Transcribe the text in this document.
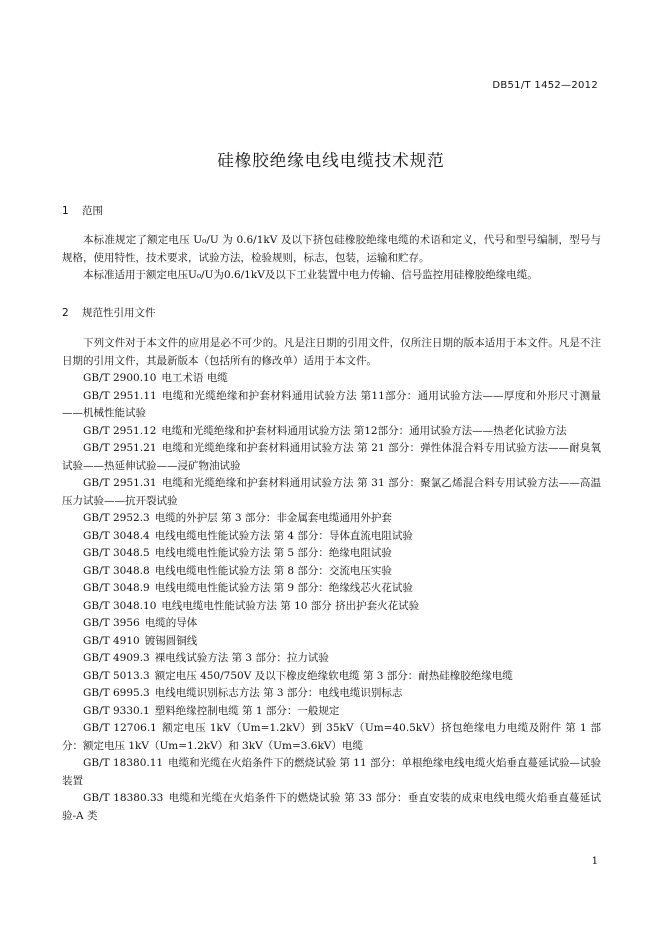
DB51/T 1452—2012
硅橡胶绝缘电线电缆技术规范
1 范围

本标准规定了额定电压 U₀/U 为 0.6/1kV 及以下挤包硅橡胶绝缘电缆的术语和定义，代号和型号编制，型号与规格，使用特性，技术要求，试验方法，检验规则，标志，包装，运输和贮存。

本标准适用于额定电压U₀/U为0.6/1kV及以下工业装置中电力传输、信号监控用硅橡胶绝缘电缆。

2 规范性引用文件

下列文件对于本文件的应用是必不可少的。凡是注日期的引用文件，仅所注日期的版本适用于本文件。凡是不注日期的引用文件，其最新版本（包括所有的修改单）适用于本文件。

GB/T 2900.10 电工术语 电缆

GB/T 2951.11 电缆和光缆绝缘和护套材料通用试验方法 第11部分：通用试验方法——厚度和外形尺寸测量——机械性能试验

GB/T 2951.12 电缆和光缆绝缘和护套材料通用试验方法 第12部分：通用试验方法——热老化试验方法

GB/T 2951.21 电缆和光缆绝缘和护套材料通用试验方法 第 21 部分：弹性体混合料专用试验方法——耐臭氧试验——热延伸试验——浸矿物油试验

GB/T 2951.31 电缆和光缆绝缘和护套材料通用试验方法 第 31 部分：聚氯乙烯混合料专用试验方法——高温压力试验——抗开裂试验

GB/T 2952.3 电缆的外护层 第 3 部分：非金属套电缆通用外护套

GB/T 3048.4 电线电缆电性能试验方法 第 4 部分：导体直流电阻试验

GB/T 3048.5 电线电缆电性能试验方法 第 5 部分：绝缘电阻试验

GB/T 3048.8 电线电缆电性能试验方法 第 8 部分：交流电压实验

GB/T 3048.9 电线电缆电性能试验方法 第 9 部分：绝缘线芯火花试验

GB/T 3048.10 电线电缆电性能试验方法 第 10 部分 挤出护套火花试验

GB/T 3956 电缆的导体

GB/T 4910 镀锡圆铜线

GB/T 4909.3 裸电线试验方法 第 3 部分：拉力试验

GB/T 5013.3 额定电压 450/750V 及以下橡皮绝缘软电缆 第 3 部分：耐热硅橡胶绝缘电缆

GB/T 6995.3 电线电缆识别标志方法 第 3 部分：电线电缆识别标志

GB/T 9330.1 塑料绝缘控制电缆 第 1 部分：一般规定

GB/T 12706.1 额定电压 1kV（Um=1.2kV）到 35kV（Um=40.5kV）挤包绝缘电力电缆及附件 第 1 部分：额定电压 1kV（Um=1.2kV）和 3kV（Um=3.6kV）电缆

GB/T 18380.11 电缆和光缆在火焰条件下的燃烧试验 第 11 部分：单根绝缘电线电缆火焰垂直蔓延试验—试验装置

GB/T 18380.33 电缆和光缆在火焰条件下的燃烧试验 第 33 部分：垂直安装的成束电线电缆火焰垂直蔓延试验-A 类

1
